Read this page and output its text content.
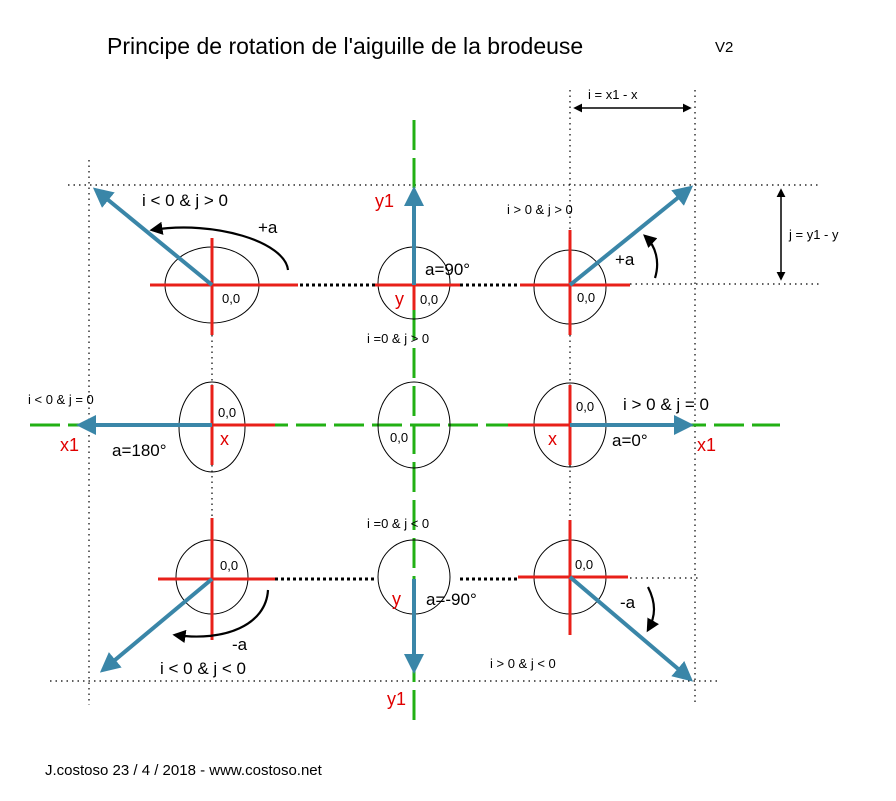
Principe de rotation de l'aiguille de la brodeuse	V2
i = x1 - x
j = y1 - y
i < 0 & j > 0	i > 0 & j > 0
i < 0 & j = 0	i > 0 & j = 0
i =0 & j > 0
i =0 & j < 0
i < 0 & j < 0	i > 0 & j < 0
+a
+a
-a
-a
a=90°
a=180°
a=0°
a=-90°
0,0	0,0	0,0
0,0
0,0
0,0
0,0	0,0
y
x	x
y
y1
y1
x1	x1
J.costoso 23 / 4 / 2018 - www.costoso.net
